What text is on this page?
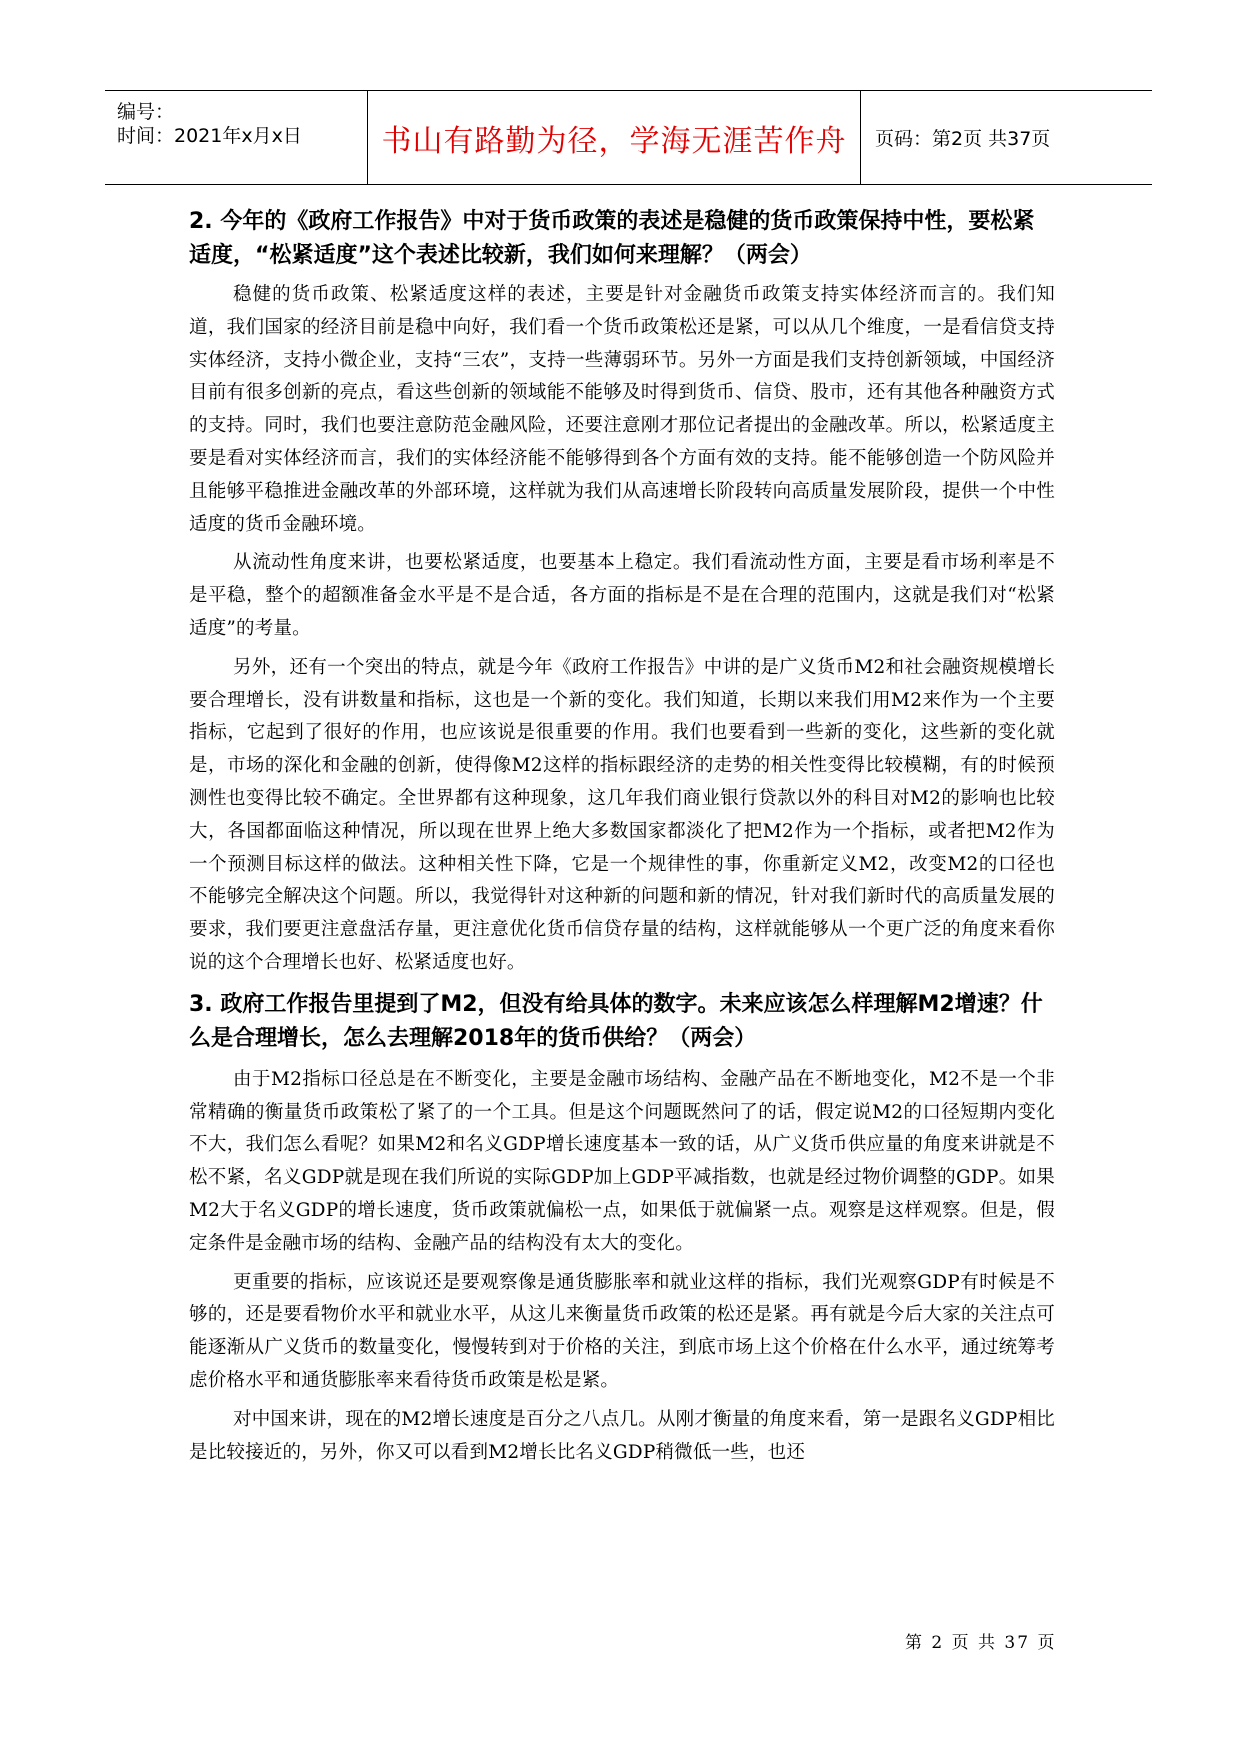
编号：
时间：2021年x月x日	书山有路勤为径，学海无涯苦作舟 页码：第2页 共37页
2. 今年的《政府工作报告》中对于货币政策的表述是稳健的货币政策保持中性，要松紧适度，“松紧适度”这个表述比较新，我们如何来理解？（两会）

稳健的货币政策、松紧适度这样的表述，主要是针对金融货币政策支持实体经济而言的。我们知道，我们国家的经济目前是稳中向好，我们看一个货币政策松还是紧，可以从几个维度，一是看信贷支持实体经济，支持小微企业，支持“三农”，支持一些薄弱环节。另外一方面是我们支持创新领域，中国经济目前有很多创新的亮点，看这些创新的领域能不能够及时得到货币、信贷、股市，还有其他各种融资方式的支持。同时，我们也要注意防范金融风险，还要注意刚才那位记者提出的金融改革。所以，松紧适度主要是看对实体经济而言，我们的实体经济能不能够得到各个方面有效的支持。能不能够创造一个防风险并且能够平稳推进金融改革的外部环境，这样就为我们从高速增长阶段转向高质量发展阶段，提供一个中性适度的货币金融环境。

从流动性角度来讲，也要松紧适度，也要基本上稳定。我们看流动性方面，主要是看市场利率是不是平稳，整个的超额准备金水平是不是合适，各方面的指标是不是在合理的范围内，这就是我们对“松紧适度”的考量。

另外，还有一个突出的特点，就是今年《政府工作报告》中讲的是广义货币M2和社会融资规模增长要合理增长，没有讲数量和指标，这也是一个新的变化。我们知道，长期以来我们用M2来作为一个主要指标，它起到了很好的作用，也应该说是很重要的作用。我们也要看到一些新的变化，这些新的变化就是，市场的深化和金融的创新，使得像M2这样的指标跟经济的走势的相关性变得比较模糊，有的时候预测性也变得比较不确定。全世界都有这种现象，这几年我们商业银行贷款以外的科目对M2的影响也比较大，各国都面临这种情况，所以现在世界上绝大多数国家都淡化了把M2作为一个指标，或者把M2作为一个预测目标这样的做法。这种相关性下降，它是一个规律性的事，你重新定义M2，改变M2的口径也不能够完全解决这个问题。所以，我觉得针对这种新的问题和新的情况，针对我们新时代的高质量发展的要求，我们要更注意盘活存量，更注意优化货币信贷存量的结构，这样就能够从一个更广泛的角度来看你说的这个合理增长也好、松紧适度也好。

3. 政府工作报告里提到了M2，但没有给具体的数字。未来应该怎么样理解M2增速？什么是合理增长，怎么去理解2018年的货币供给？（两会）

由于M2指标口径总是在不断变化，主要是金融市场结构、金融产品在不断地变化，M2不是一个非常精确的衡量货币政策松了紧了的一个工具。但是这个问题既然问了的话，假定说M2的口径短期内变化不大，我们怎么看呢？如果M2和名义GDP增长速度基本一致的话，从广义货币供应量的角度来讲就是不松不紧，名义GDP就是现在我们所说的实际GDP加上GDP平减指数，也就是经过物价调整的GDP。如果M2大于名义GDP的增长速度，货币政策就偏松一点，如果低于就偏紧一点。观察是这样观察。但是，假定条件是金融市场的结构、金融产品的结构没有太大的变化。

更重要的指标，应该说还是要观察像是通货膨胀率和就业这样的指标，我们光观察GDP有时候是不够的，还是要看物价水平和就业水平，从这儿来衡量货币政策的松还是紧。再有就是今后大家的关注点可能逐渐从广义货币的数量变化，慢慢转到对于价格的关注，到底市场上这个价格在什么水平，通过统筹考虑价格水平和通货膨胀率来看待货币政策是松是紧。

对中国来讲，现在的M2增长速度是百分之八点几。从刚才衡量的角度来看，第一是跟名义GDP相比是比较接近的，另外，你又可以看到M2增长比名义GDP稍微低一些，也还

第 2 页 共 37 页
